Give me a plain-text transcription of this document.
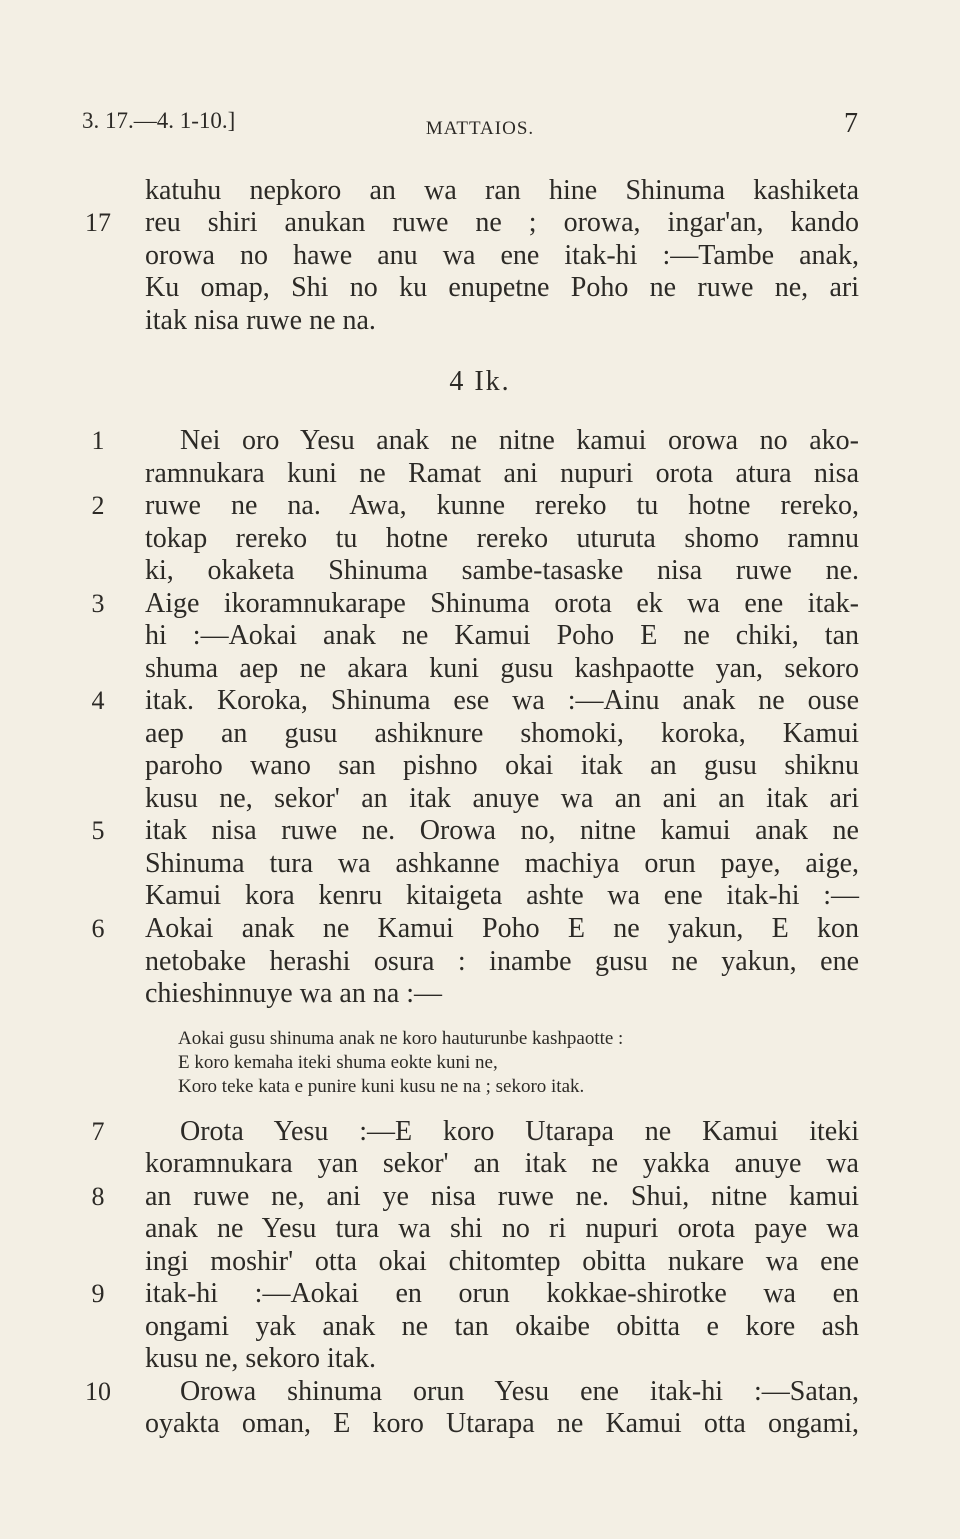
3. 17.—4. 1-10.]	MATTAIOS.	7
katuhu nepkoro an wa ran hine Shinuma kashiketa
17 reu shiri anukan ruwe ne ; orowa, ingar'an, kando
orowa no hawe anu wa ene itak-hi :—Tambe anak,
Ku omap, Shi no ku enupetne Poho ne ruwe ne, ari
itak nisa ruwe ne na.
4 Ik.
1	Nei oro Yesu anak ne nitne kamui orowa no ako-
ramnukara kuni ne Ramat ani nupuri orota atura nisa
2	ruwe ne na. Awa, kunne rereko tu hotne rereko,
tokap rereko tu hotne rereko uturuta shomo ramnu
ki, okaketa Shinuma sambe-tasaske nisa ruwe ne.
3	Aige ikoramnukarape Shinuma orota ek wa ene itak-
hi :—Aokai anak ne Kamui Poho E ne chiki, tan
shuma aep ne akara kuni gusu kashpaotte yan, sekoro
4	itak. Koroka, Shinuma ese wa :—Ainu anak ne ouse
aep an gusu ashiknure shomoki, koroka, Kamui
paroho wano san pishno okai itak an gusu shiknu
kusu ne, sekor' an itak anuye wa an ani an itak ari
5	itak nisa ruwe ne. Orowa no, nitne kamui anak ne
Shinuma tura wa ashkanne machiya orun paye, aige,
Kamui kora kenru kitaigeta ashte wa ene itak-hi :—
6	Aokai anak ne Kamui Poho E ne yakun, E kon
netobake herashi osura : inambe gusu ne yakun, ene
chieshinnuye wa an na :—
Aokai gusu shinuma anak ne koro hauturunbe kashpaotte :
E koro kemaha iteki shuma eokte kuni ne,
Koro teke kata e punire kuni kusu ne na ; sekoro itak.
7	Orota Yesu :—E koro Utarapa ne Kamui iteki
koramnukara yan sekor' an itak ne yakka anuye wa
8	an ruwe ne, ani ye nisa ruwe ne. Shui, nitne kamui
anak ne Yesu tura wa shi no ri nupuri orota paye wa
ingi moshir' otta okai chitomtep obitta nukare wa ene
9	itak-hi :—Aokai en orun kokkae-shirotke wa en
ongami yak anak ne tan okaibe obitta e kore ash
kusu ne, sekoro itak.
10 Orowa shinuma orun Yesu ene itak-hi :—Satan,
oyakta oman, E koro Utarapa ne Kamui otta ongami,
